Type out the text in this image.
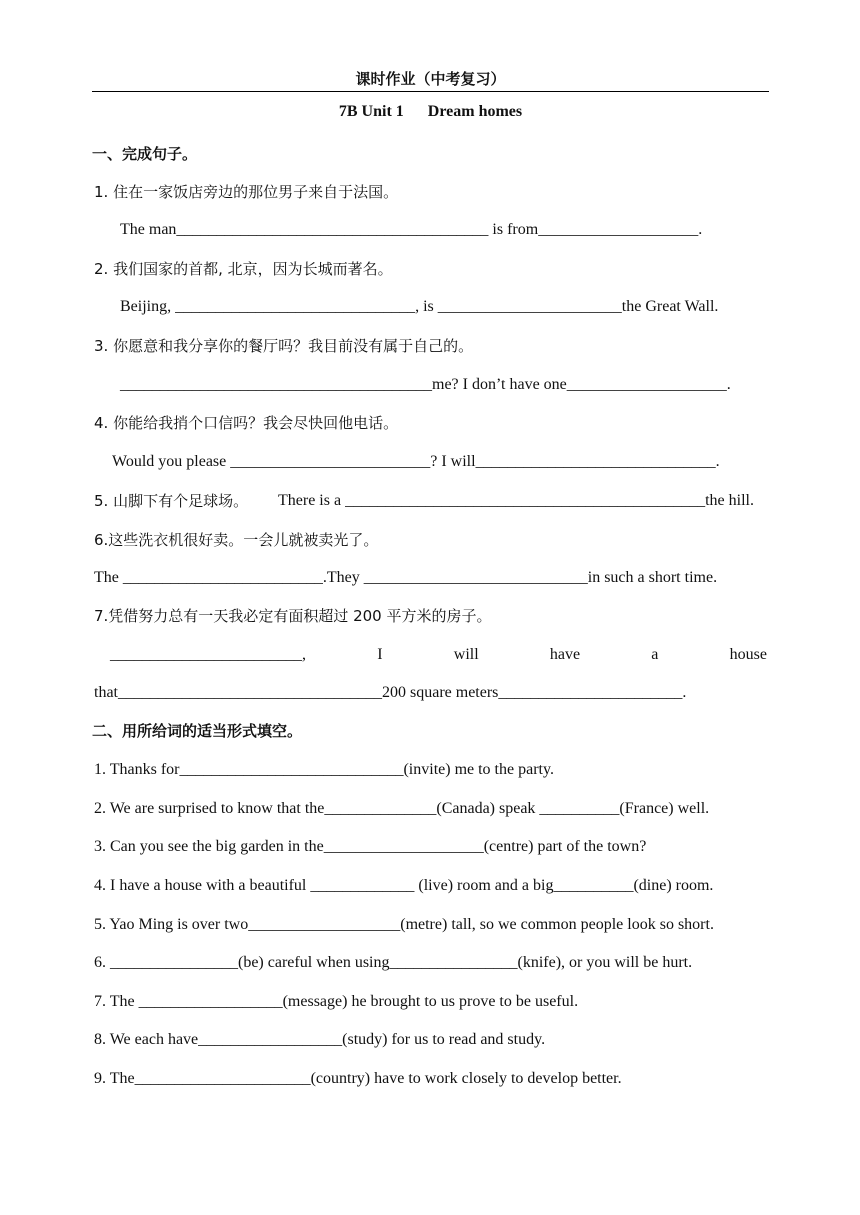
课时作业（中考复习）
7B Unit 1      Dream homes
一、完成句子。
1. 住在一家饭店旁边的那位男子来自于法国。
The man_______________________________________ is from____________________.
2. 我们国家的首都, 北京，因为长城而著名。
Beijing, ______________________________, is _______________________the Great Wall.
3. 你愿意和我分享你的餐厅吗？我目前没有属于自己的。
_______________________________________me? I don’t have one____________________.
4. 你能给我捎个口信吗？我会尽快回他电话。
Would you please _________________________? I will______________________________.
5. 山脚下有个足球场。 There is a _____________________________________________the hill.
6.这些洗衣机很好卖。一会儿就被卖光了。
The _________________________.They ____________________________in such a short time.
7.凭借努力总有一天我必定有面积超过 200 平方米的房子。
________________________,	I	will	have	a	house
that_________________________________200 square meters_______________________.
二、用所给词的适当形式填空。
1. Thanks for____________________________(invite) me to the party.
2. We are surprised to know that the______________(Canada) speak __________(France) well.
3. Can you see the big garden in the____________________(centre) part of the town?
4. I have a house with a beautiful _____________ (live) room and a big__________(dine) room.
5. Yao Ming is over two___________________(metre) tall, so we common people look so short.
6. ________________(be) careful when using________________(knife), or you will be hurt.
7. The __________________(message) he brought to us prove to be useful.
8. We each have__________________(study) for us to read and study.
9. The______________________(country) have to work closely to develop better.
